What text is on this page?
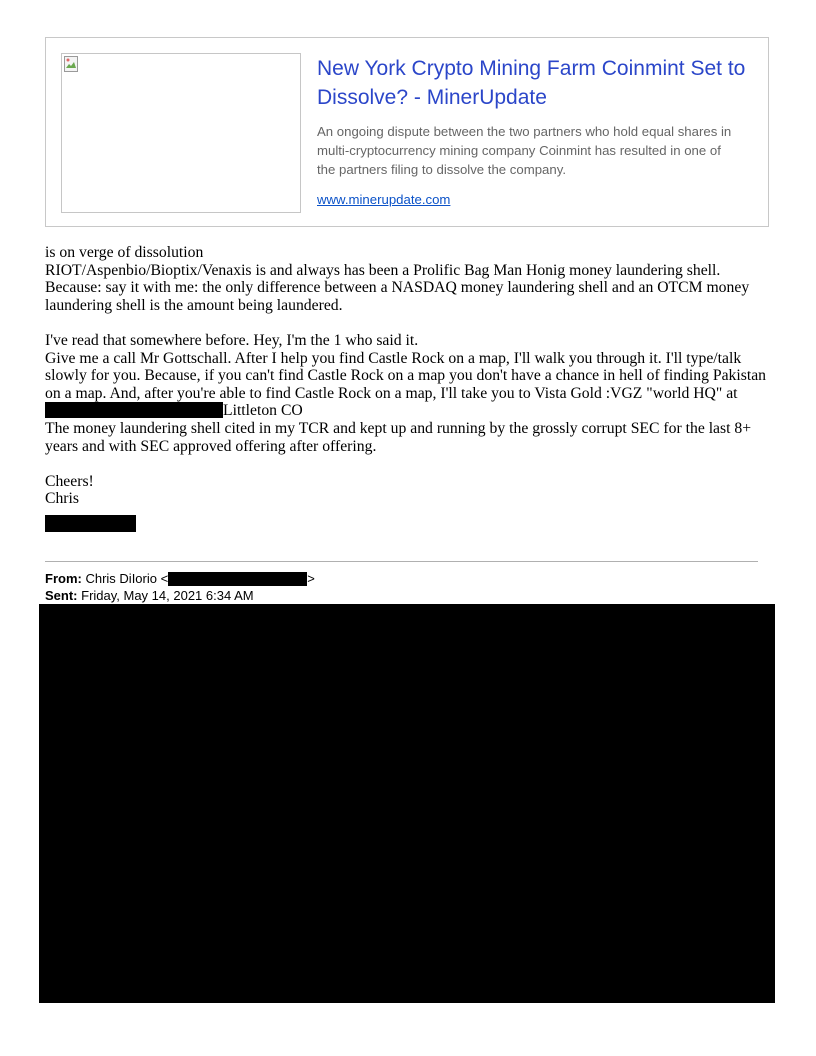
New York Crypto Mining Farm Coinmint Set to Dissolve? - MinerUpdate
An ongoing dispute between the two partners who hold equal shares in multi-cryptocurrency mining company Coinmint has resulted in one of the partners filing to dissolve the company.
www.minerupdate.com

is on verge of dissolution

RIOT/Aspenbio/Bioptix/Venaxis is and always has been a Prolific Bag Man Honig money laundering shell. Because: say it with me: the only difference between a NASDAQ money laundering shell and an OTCM money laundering shell is the amount being laundered.

I've read that somewhere before. Hey, I'm the 1 who said it.

Give me a call Mr Gottschall. After I help you find Castle Rock on a map, I'll walk you through it. I'll type/talk slowly for you. Because, if you can't find Castle Rock on a map you don't have a chance in hell of finding Pakistan on a map. And, after you're able to find Castle Rock on a map, I'll take you to Vista Gold :VGZ "world HQ" at Littleton CO

The money laundering shell cited in my TCR and kept up and running by the grossly corrupt SEC for the last 8+ years and with SEC approved offering after offering.

Cheers!

Chris

From: Chris DiIorio <	>
Sent: Friday, May 14, 2021 6:34 AM
